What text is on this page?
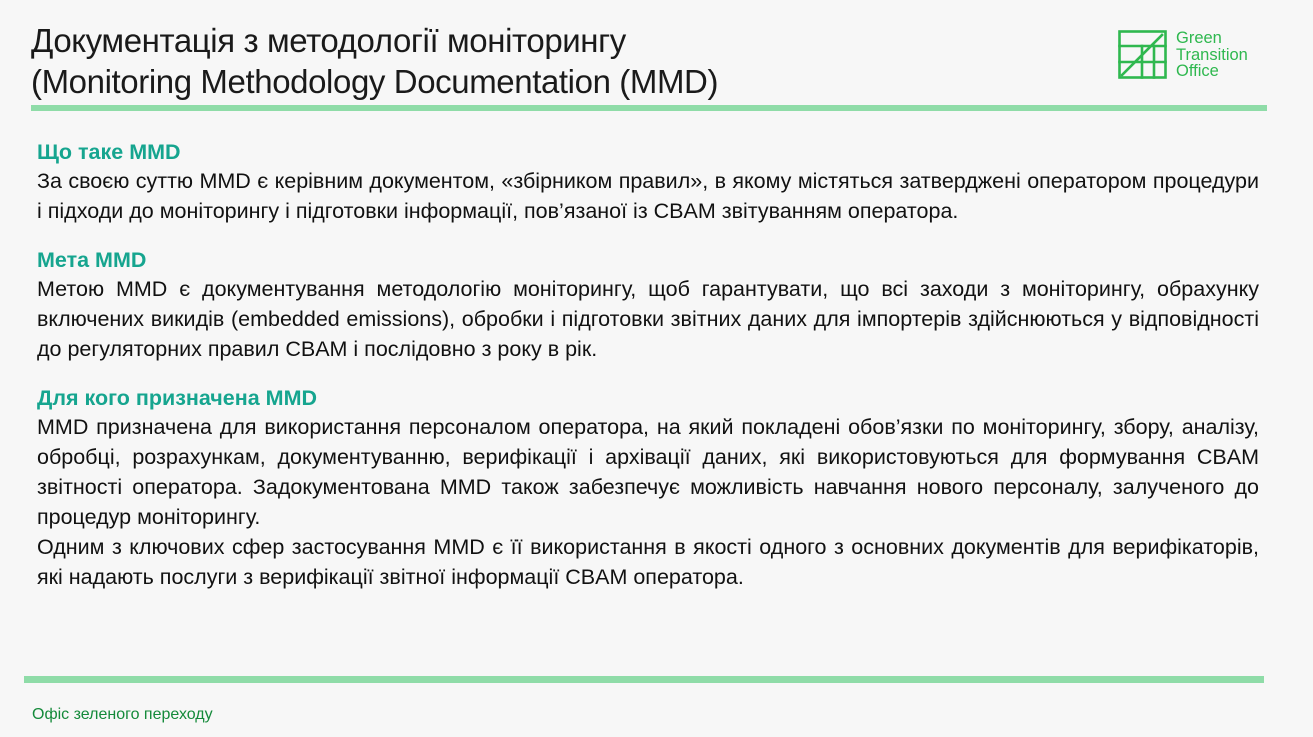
Документація з методології моніторингу
(Monitoring Methodology Documentation (MMD)
Green
Transition
Office
Що таке MMD

За своєю суттю MMD є керівним документом, «збірником правил», в якому містяться затверджені оператором процедури і підходи до моніторингу і підготовки інформації, пов’язаної із CBAM звітуванням оператора.

Мета MMD

Метою MMD є документування методологію моніторингу, щоб гарантувати, що всі заходи з моніторингу, обрахунку включених викидів (embedded emissions), обробки і підготовки звітних даних для імпортерів здійснюються у відповідності до регуляторних правил CBAM і послідовно з року в рік.

Для кого призначена MMD

MMD призначена для використання персоналом оператора, на який покладені обов’язки по моніторингу, збору, аналізу, обробці, розрахункам, документуванню, верифікації і архівації даних, які використовуються для формування CBAM звітності оператора. Задокументована MMD також забезпечує можливість навчання нового персоналу, залученого до процедур моніторингу.

Одним з ключових сфер застосування MMD є її використання в якості одного з основних документів для верифікаторів, які надають послуги з верифікації звітної інформації CBAM оператора.

Офіс зеленого переходу
